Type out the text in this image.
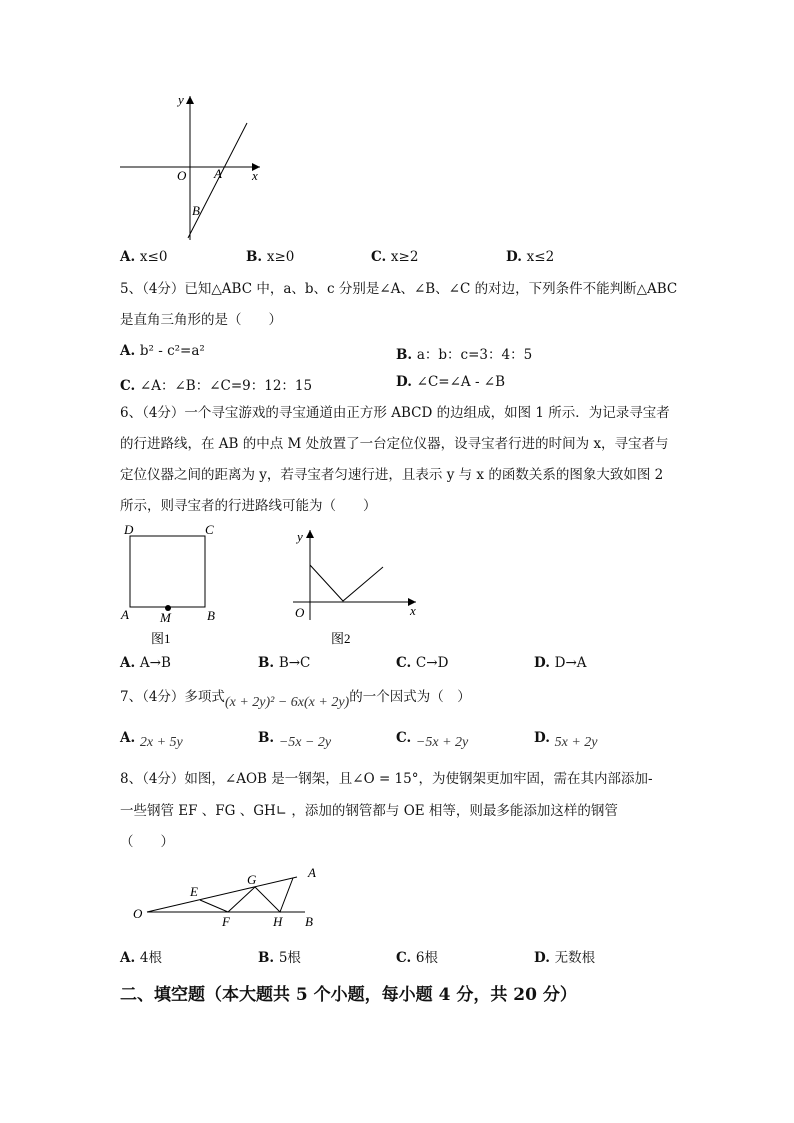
y
O A x
B
A. x≤0	B. x≥0	C. x≥2	D. x≤2
5、（4分）已知△ABC 中，a、b、c 分别是∠A、∠B、∠C 的对边，下列条件不能判断△ABC
是直角三角形的是（　　）
A. b² - c²=a²	B. a：b：c=3：4：5
C. ∠A：∠B：∠C=9：12：15	D. ∠C=∠A - ∠B
6、（4分）一个寻宝游戏的寻宝通道由正方形 ABCD 的边组成，如图 1 所示．为记录寻宝者
的行进路线，在 AB 的中点 M 处放置了一台定位仪器，设寻宝者行进的时间为 x，寻宝者与
定位仪器之间的距离为 y，若寻宝者匀速行进，且表示 y 与 x 的函数关系的图象大致如图 2
所示，则寻宝者的行进路线可能为（　　）
D	C
A M	B
图1
y
O	x
图2
A. A→B	B. B→C	C. C→D	D. D→A
7、（4分）多项式(x + 2y)² − 6x(x + 2y)的一个因式为（　）
A. 2x + 5y	B. −5x − 2y	C. −5x + 2y	D. 5x + 2y
8、（4分）如图，∠AOB 是一钢架，且∠O = 15°，为使钢架更加牢固，需在其内部添加-
一些钢管 EF 、FG 、GH∟ ，添加的钢管都与 OE 相等，则最多能添加这样的钢管
（　　）
O
E
G	A
F	H B
A. 4根	B. 5根	C. 6根	D. 无数根
二、填空题（本大题共 5 个小题，每小题 4 分，共 20 分）
